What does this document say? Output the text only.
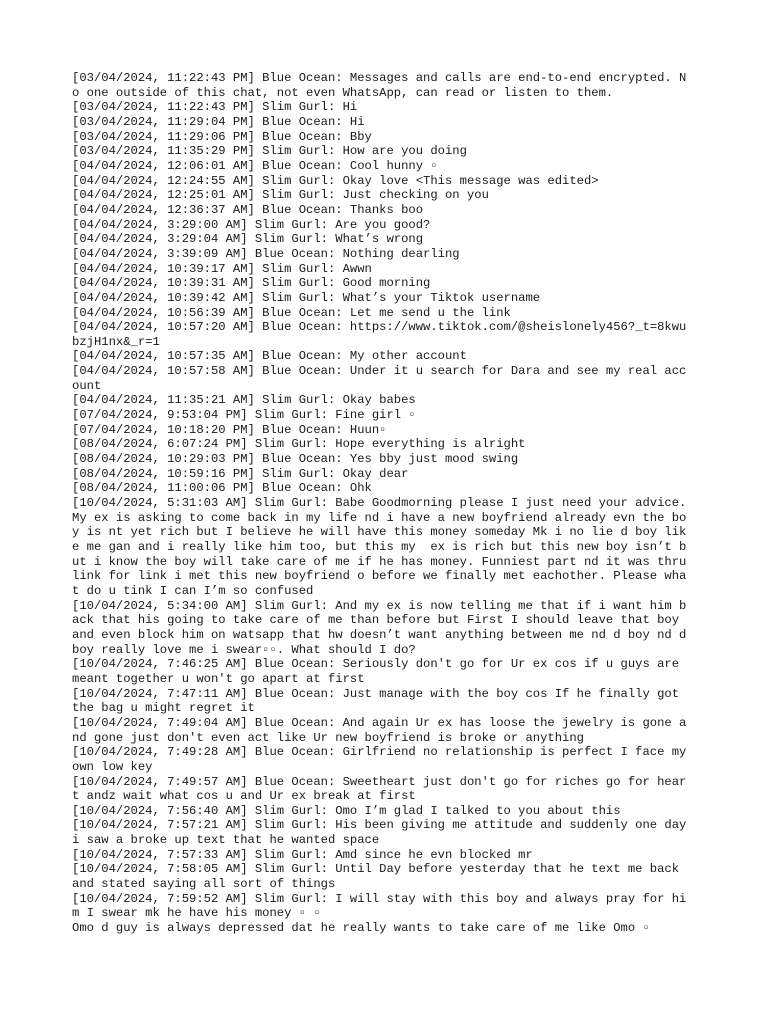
[03/04/2024, 11:22:43 PM] Blue Ocean: Messages and calls are end-to-end encrypted. No one outside of this chat, not even WhatsApp, can read or listen to them.

[03/04/2024, 11:22:43 PM] Slim Gurl: Hi

[03/04/2024, 11:29:04 PM] Blue Ocean: Hi

[03/04/2024, 11:29:06 PM] Blue Ocean: Bby

[03/04/2024, 11:35:29 PM] Slim Gurl: How are you doing

[04/04/2024, 12:06:01 AM] Blue Ocean: Cool hunny ▫

[04/04/2024, 12:24:55 AM] Slim Gurl: Okay love <This message was edited>

[04/04/2024, 12:25:01 AM] Slim Gurl: Just checking on you

[04/04/2024, 12:36:37 AM] Blue Ocean: Thanks boo

[04/04/2024, 3:29:00 AM] Slim Gurl: Are you good?

[04/04/2024, 3:29:04 AM] Slim Gurl: What’s wrong

[04/04/2024, 3:39:09 AM] Blue Ocean: Nothing dearling

[04/04/2024, 10:39:17 AM] Slim Gurl: Awwn

[04/04/2024, 10:39:31 AM] Slim Gurl: Good morning

[04/04/2024, 10:39:42 AM] Slim Gurl: What’s your Tiktok username

[04/04/2024, 10:56:39 AM] Blue Ocean: Let me send u the link

[04/04/2024, 10:57:20 AM] Blue Ocean: https://www.tiktok.com/@sheislonely456?_t=8kwubzjH1nx&_r=1

[04/04/2024, 10:57:35 AM] Blue Ocean: My other account

[04/04/2024, 10:57:58 AM] Blue Ocean: Under it u search for Dara and see my real account

[04/04/2024, 11:35:21 AM] Slim Gurl: Okay babes

[07/04/2024, 9:53:04 PM] Slim Gurl: Fine girl ▫

[07/04/2024, 10:18:20 PM] Blue Ocean: Huun▫

[08/04/2024, 6:07:24 PM] Slim Gurl: Hope everything is alright

[08/04/2024, 10:29:03 PM] Blue Ocean: Yes bby just mood swing

[08/04/2024, 10:59:16 PM] Slim Gurl: Okay dear

[08/04/2024, 11:00:06 PM] Blue Ocean: Ohk

[10/04/2024, 5:31:03 AM] Slim Gurl: Babe Goodmorning please I just need your advice. My ex is asking to come back in my life nd i have a new boyfriend already evn the boy is nt yet rich but I believe he will have this money someday Mk i no lie d boy like me gan and i really like him too, but this my  ex is rich but this new boy isn’t but i know the boy will take care of me if he has money. Funniest part nd it was thru link for link i met this new boyfriend o before we finally met eachother. Please what do u tink I can I’m so confused

[10/04/2024, 5:34:00 AM] Slim Gurl: And my ex is now telling me that if i want him back that his going to take care of me than before but First I should leave that boy and even block him on watsapp that hw doesn’t want anything between me nd d boy nd d boy really love me i swear▫▫. What should I do?

[10/04/2024, 7:46:25 AM] Blue Ocean: Seriously don't go for Ur ex cos if u guys are meant together u won't go apart at first

[10/04/2024, 7:47:11 AM] Blue Ocean: Just manage with the boy cos If he finally got the bag u might regret it

[10/04/2024, 7:49:04 AM] Blue Ocean: And again Ur ex has loose the jewelry is gone and gone just don't even act like Ur new boyfriend is broke or anything

[10/04/2024, 7:49:28 AM] Blue Ocean: Girlfriend no relationship is perfect I face my own low key

[10/04/2024, 7:49:57 AM] Blue Ocean: Sweetheart just don't go for riches go for heart andz wait what cos u and Ur ex break at first

[10/04/2024, 7:56:40 AM] Slim Gurl: Omo I’m glad I talked to you about this

[10/04/2024, 7:57:21 AM] Slim Gurl: His been giving me attitude and suddenly one day i saw a broke up text that he wanted space

[10/04/2024, 7:57:33 AM] Slim Gurl: Amd since he evn blocked mr

[10/04/2024, 7:58:05 AM] Slim Gurl: Until Day before yesterday that he text me back and stated saying all sort of things

[10/04/2024, 7:59:52 AM] Slim Gurl: I will stay with this boy and always pray for him I swear mk he have his money ▫ ▫

Omo d guy is always depressed dat he really wants to take care of me like Omo ▫
